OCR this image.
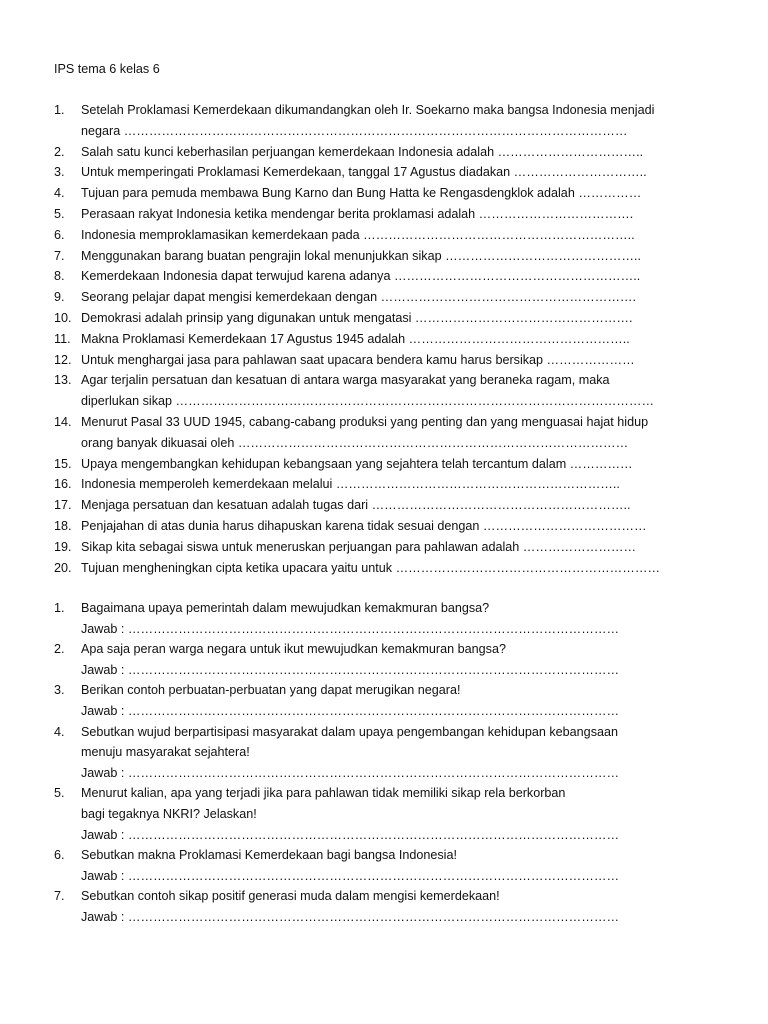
IPS tema 6 kelas 6
1.	Setelah Proklamasi Kemerdekaan dikumandangkan oleh Ir. Soekarno maka bangsa Indonesia menjadi
negara …………………………………………………………………………………………………………
2.	Salah satu kunci keberhasilan perjuangan kemerdekaan Indonesia adalah ……………………………..
3.	Untuk memperingati Proklamasi Kemerdekaan, tanggal 17 Agustus diadakan …………………………..
4.	Tujuan para pemuda membawa Bung Karno dan Bung Hatta ke Rengasdengklok adalah ……………
5.	Perasaan rakyat Indonesia ketika mendengar berita proklamasi adalah ……………………………….
6.	Indonesia memproklamasikan kemerdekaan pada ………………………………………………………..
7.	Menggunakan barang buatan pengrajin lokal menunjukkan sikap ………………………………………..
8.	Kemerdekaan Indonesia dapat terwujud karena adanya …………………………………………………..
9.	Seorang pelajar dapat mengisi kemerdekaan dengan …………………………………………………….
10. Demokrasi adalah prinsip yang digunakan untuk mengatasi …………………………………………….
11. Makna Proklamasi Kemerdekaan 17 Agustus 1945 adalah ……………………………………………..
12. Untuk menghargai jasa para pahlawan saat upacara bendera kamu harus bersikap …………………
13. Agar terjalin persatuan dan kesatuan di antara warga masyarakat yang beraneka ragam, maka
diperlukan sikap ……………………………………………………………………………………………………
14. Menurut Pasal 33 UUD 1945, cabang-cabang produksi yang penting dan yang menguasai hajat hidup
orang banyak dikuasai oleh …………………………………………………………………………………
15. Upaya mengembangkan kehidupan kebangsaan yang sejahtera telah tercantum dalam ……………
16. Indonesia memperoleh kemerdekaan melalui …………………………………………………………..
17. Menjaga persatuan dan kesatuan adalah tugas dari ……………………………………………………..
18. Penjajahan di atas dunia harus dihapuskan karena tidak sesuai dengan …………………………………
19. Sikap kita sebagai siswa untuk meneruskan perjuangan para pahlawan adalah ………………………
20. Tujuan mengheningkan cipta ketika upacara yaitu untuk ………………………………………………………
1.	Bagaimana upaya pemerintah dalam mewujudkan kemakmuran bangsa?
Jawab : ………………………………………………………………………………………………………
2.	Apa saja peran warga negara untuk ikut mewujudkan kemakmuran bangsa?
Jawab : ………………………………………………………………………………………………………
3.	Berikan contoh perbuatan-perbuatan yang dapat merugikan negara!
Jawab : ………………………………………………………………………………………………………
4.	Sebutkan wujud berpartisipasi masyarakat dalam upaya pengembangan kehidupan kebangsaan
menuju masyarakat sejahtera!
Jawab : ………………………………………………………………………………………………………
5.	Menurut kalian, apa yang terjadi jika para pahlawan tidak memiliki sikap rela berkorban
bagi tegaknya NKRI? Jelaskan!
Jawab : ………………………………………………………………………………………………………
6.	Sebutkan makna Proklamasi Kemerdekaan bagi bangsa Indonesia!
Jawab : ………………………………………………………………………………………………………
7.	Sebutkan contoh sikap positif generasi muda dalam mengisi kemerdekaan!
Jawab : ………………………………………………………………………………………………………
